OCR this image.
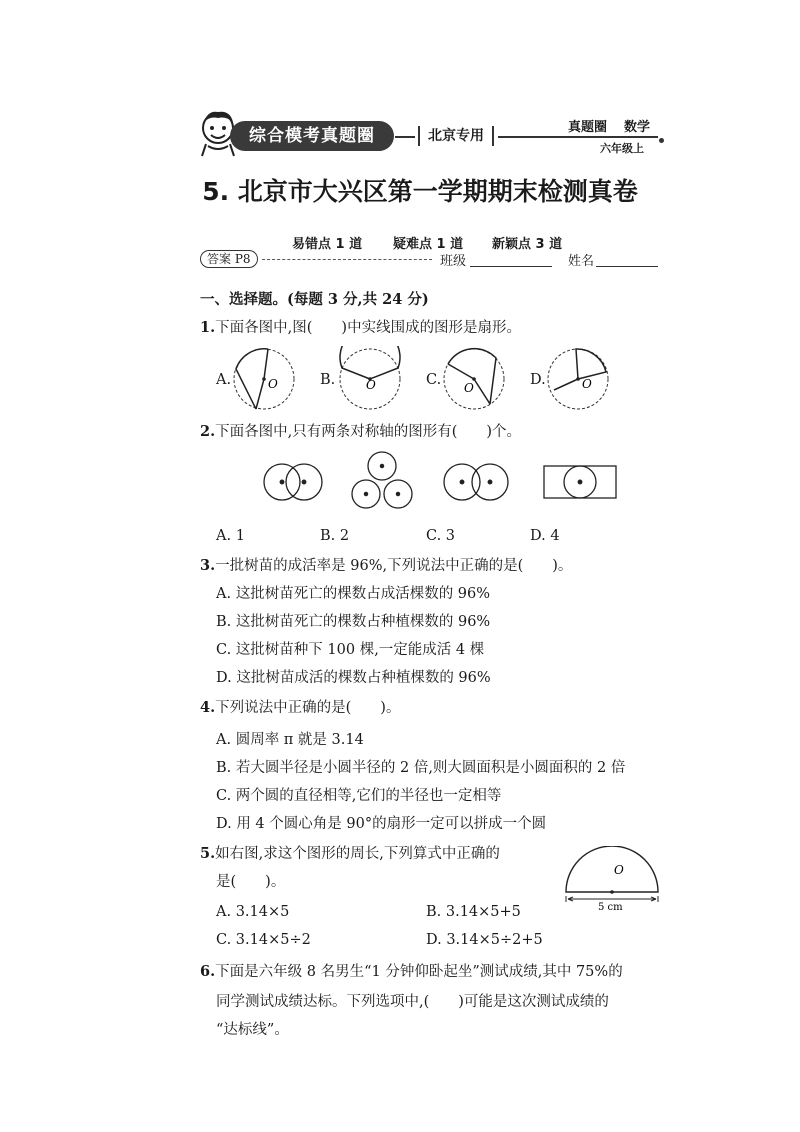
综合模考真题圈	北京专用
真题圈 数学
六年级上
5. 北京市大兴区第一学期期末检测真卷
易错点 1 道 疑难点 1 道 新颖点 3 道
答案 P8	班级	姓名
一、选择题。(每题 3 分,共 24 分)
1.下面各图中,图(　　)中实线围成的图形是扇形。
A.	B.	C.	D.
O	O	O	O
2.下面各图中,只有两条对称轴的图形有(　　)个。
A. 1	B. 2	C. 3	D. 4
3.一批树苗的成活率是 96%,下列说法中正确的是(　　)。
A. 这批树苗死亡的棵数占成活棵数的 96%
B. 这批树苗死亡的棵数占种植棵数的 96%
C. 这批树苗种下 100 棵,一定能成活 4 棵
D. 这批树苗成活的棵数占种植棵数的 96%
4.下列说法中正确的是(　　)。
A. 圆周率 π 就是 3.14
B. 若大圆半径是小圆半径的 2 倍,则大圆面积是小圆面积的 2 倍
C. 两个圆的直径相等,它们的半径也一定相等
D. 用 4 个圆心角是 90°的扇形一定可以拼成一个圆
5.如右图,求这个图形的周长,下列算式中正确的
是(　　)。
O
5 cm
A. 3.14×5	B. 3.14×5+5
C. 3.14×5÷2	D. 3.14×5÷2+5
6.下面是六年级 8 名男生“1 分钟仰卧起坐”测试成绩,其中 75%的
同学测试成绩达标。下列选项中,(　　)可能是这次测试成绩的
“达标线”。
